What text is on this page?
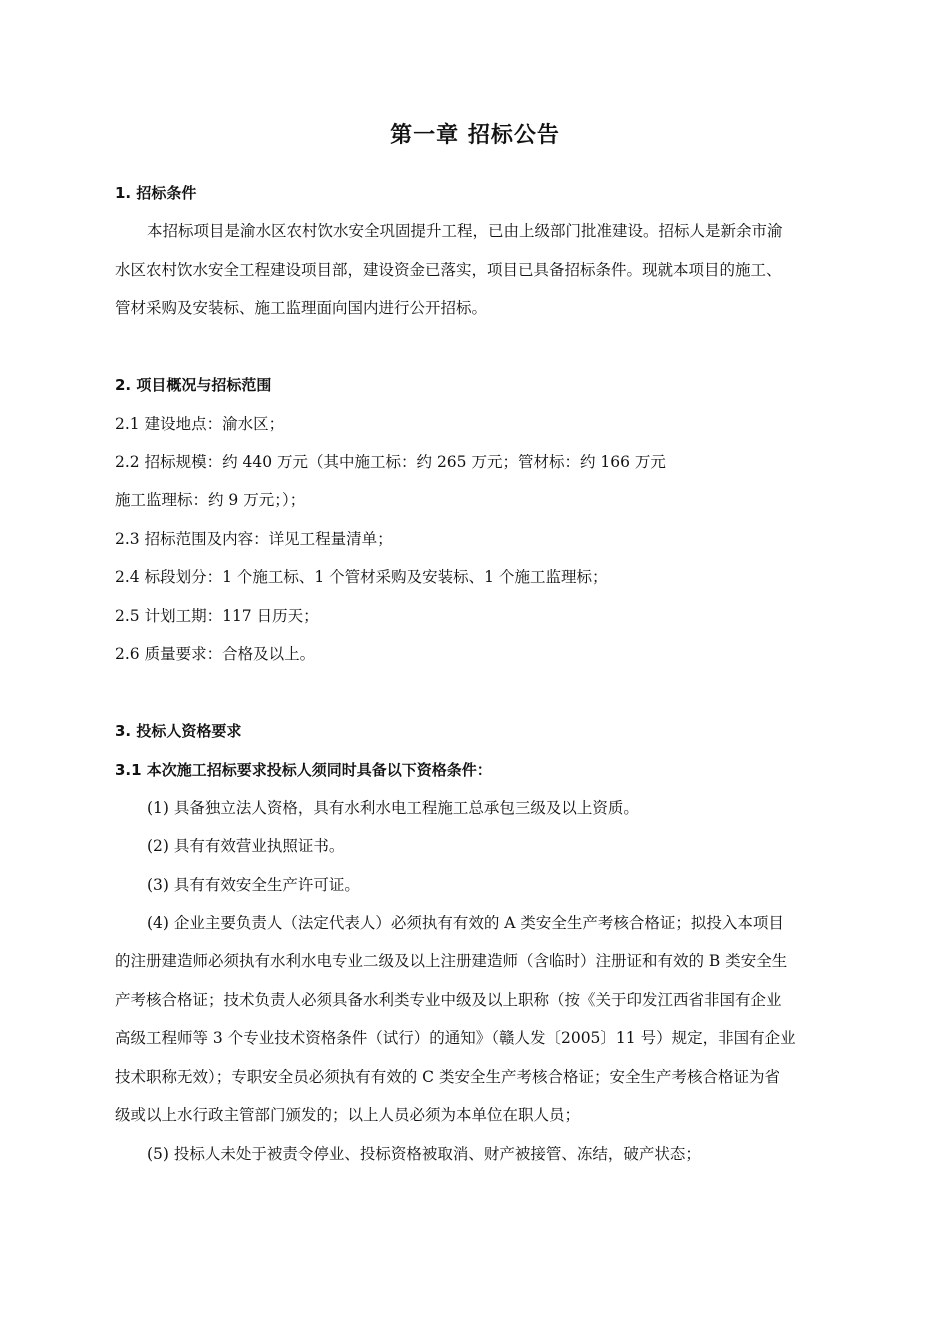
第一章 招标公告
1. 招标条件
本招标项目是渝水区农村饮水安全巩固提升工程，已由上级部门批准建设。招标人是新余市渝
水区农村饮水安全工程建设项目部，建设资金已落实，项目已具备招标条件。现就本项目的施工、
管材采购及安装标、施工监理面向国内进行公开招标。
2. 项目概况与招标范围
2.1 建设地点：渝水区；
2.2 招标规模：约 440 万元（其中施工标：约 265 万元；管材标：约 166 万元
施工监理标：约 9 万元；）；
2.3 招标范围及内容：详见工程量清单；
2.4 标段划分：1 个施工标、1 个管材采购及安装标、1 个施工监理标；
2.5 计划工期：117 日历天；
2.6 质量要求：合格及以上。
3. 投标人资格要求
3.1 本次施工招标要求投标人须同时具备以下资格条件：
(1) 具备独立法人资格，具有水利水电工程施工总承包三级及以上资质。
(2) 具有有效营业执照证书。
(3) 具有有效安全生产许可证。
(4) 企业主要负责人（法定代表人）必须执有有效的 A 类安全生产考核合格证；拟投入本项目
的注册建造师必须执有水利水电专业二级及以上注册建造师（含临时）注册证和有效的 B 类安全生
产考核合格证；技术负责人必须具备水利类专业中级及以上职称（按《关于印发江西省非国有企业
高级工程师等 3 个专业技术资格条件（试行）的通知》（赣人发〔2005〕11 号）规定，非国有企业
技术职称无效）；专职安全员必须执有有效的 C 类安全生产考核合格证；安全生产考核合格证为省
级或以上水行政主管部门颁发的；以上人员必须为本单位在职人员；
(5) 投标人未处于被责令停业、投标资格被取消、财产被接管、冻结，破产状态；
